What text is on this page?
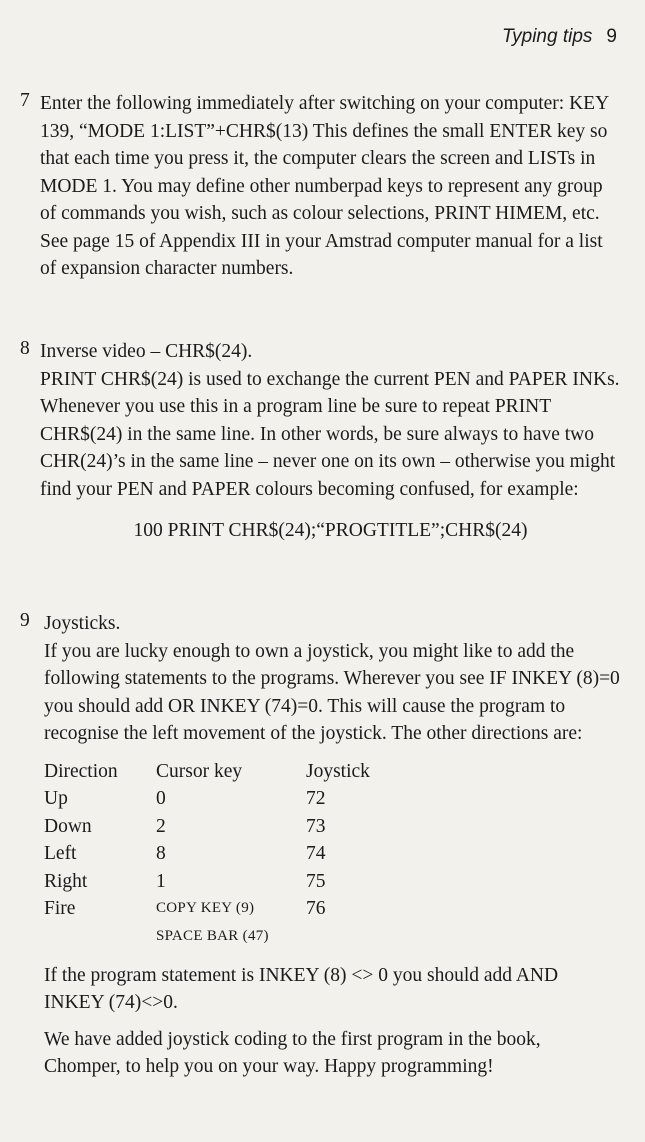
Typing tips 9
7 Enter the following immediately after switching on your computer: KEY 139, “MODE 1:LIST”+CHR$(13) This defines the small ENTER key so that each time you press it, the computer clears the screen and LISTs in MODE 1. You may define other numberpad keys to represent any group of commands you wish, such as colour selections, PRINT HIMEM, etc. See page 15 of Appendix III in your Amstrad computer manual for a list of expansion character numbers.
8 Inverse video – CHR$(24).
PRINT CHR$(24) is used to exchange the current PEN and PAPER INKs. Whenever you use this in a program line be sure to repeat PRINT CHR$(24) in the same line. In other words, be sure always to have two CHR(24)’s in the same line – never one on its own – otherwise you might find your PEN and PAPER colours becoming confused, for example:
100 PRINT CHR$(24);“PROGTITLE”;CHR$(24)
9 Joysticks.
If you are lucky enough to own a joystick, you might like to add the following statements to the programs. Wherever you see IF INKEY (8)=0 you should add OR INKEY (74)=0. This will cause the program to recognise the left movement of the joystick. The other directions are:
Direction	Cursor key	Joystick
Up	0	72
Down	2	73
Left	8	74
Right	1	75
Fire	COPY KEY (9)	76
SPACE BAR (47)
If the program statement is INKEY (8) <> 0 you should add AND INKEY (74)<>0.
We have added joystick coding to the first program in the book, Chomper, to help you on your way. Happy programming!
